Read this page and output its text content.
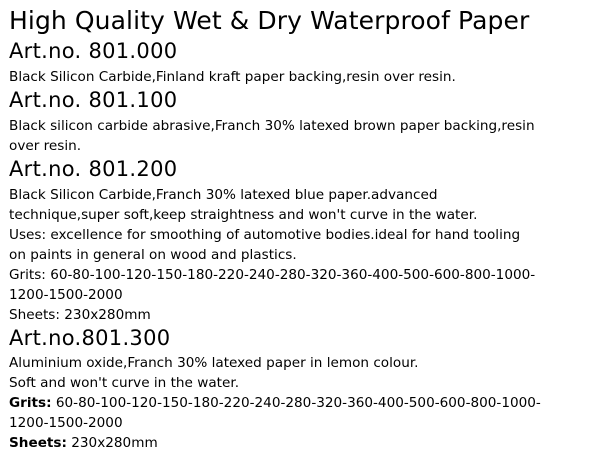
High Quality Wet & Dry Waterproof Paper
Art.no. 801.000

Black Silicon Carbide,Finland kraft paper backing,resin over resin.

Art.no. 801.100

Black silicon carbide abrasive,Franch 30% latexed brown paper backing,resin

over resin.

Art.no. 801.200

Black Silicon Carbide,Franch 30% latexed blue paper.advanced

technique,super soft,keep straightness and won't curve in the water.

Uses: excellence for smoothing of automotive bodies.ideal for hand tooling

on paints in general on wood and plastics.

Grits: 60-80-100-120-150-180-220-240-280-320-360-400-500-600-800-1000-

1200-1500-2000

Sheets: 230x280mm

Art.no.801.300

Aluminium oxide,Franch 30% latexed paper in lemon colour.

Soft and won't curve in the water.

Grits: 60-80-100-120-150-180-220-240-280-320-360-400-500-600-800-1000-

1200-1500-2000

Sheets: 230x280mm
